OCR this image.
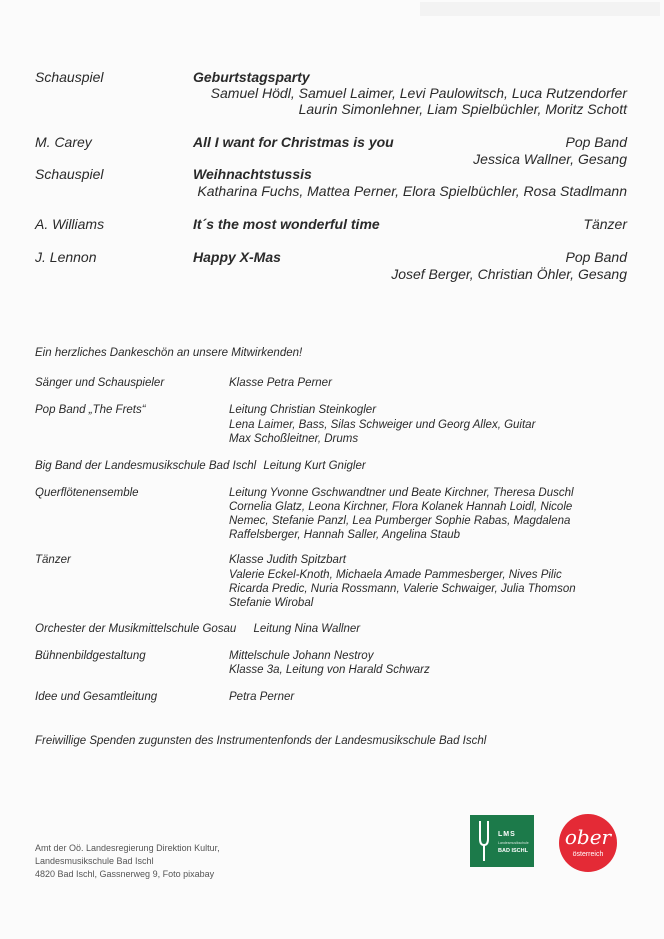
Schauspiel	Geburtstagsparty
Samuel Hödl, Samuel Laimer, Levi Paulowitsch, Luca Rutzendorfer
Laurin Simonlehner, Liam Spielbüchler, Moritz Schott
M. Carey	All I want for Christmas is you	Pop Band
Jessica Wallner, Gesang
Schauspiel	Weihnachtstussis
Katharina Fuchs, Mattea Perner, Elora Spielbüchler, Rosa Stadlmann
A. Williams	It´s the most wonderful time	Tänzer
J. Lennon	Happy X-Mas	Pop Band
Josef Berger, Christian Öhler, Gesang
Ein herzliches Dankeschön an unsere Mitwirkenden!
Sänger und Schauspieler	Klasse Petra Perner
Pop Band „The Frets“	Leitung Christian Steinkogler
Lena Laimer, Bass, Silas Schweiger und Georg Allex, Guitar
Max Schoßleitner, Drums
Big Band der Landesmusikschule Bad Ischl Leitung Kurt Gnigler
Querflötenensemble	Leitung Yvonne Gschwandtner und Beate Kirchner, Theresa Duschl
Cornelia Glatz, Leona Kirchner, Flora Kolanek Hannah Loidl, Nicole
Nemec, Stefanie Panzl, Lea Pumberger Sophie Rabas, Magdalena
Raffelsberger, Hannah Saller, Angelina Staub
Tänzer	Klasse Judith Spitzbart
Valerie Eckel-Knoth, Michaela Amade Pammesberger, Nives Pilic
Ricarda Predic, Nuria Rossmann, Valerie Schwaiger, Julia Thomson
Stefanie Wirobal
Orchester der Musikmittelschule Gosau Leitung Nina Wallner
Bühnenbildgestaltung	Mittelschule Johann Nestroy
Klasse 3a, Leitung von Harald Schwarz
Idee und Gesamtleitung	Petra Perner
Freiwillige Spenden zugunsten des Instrumentenfonds der Landesmusikschule Bad Ischl
Amt der Oö. Landesregierung Direktion Kultur,
Landesmusikschule Bad Ischl
4820 Bad Ischl, Gassnerweg 9, Foto pixabay
LMS
Landesmusikschule
BAD ISCHL
ober
österreich
